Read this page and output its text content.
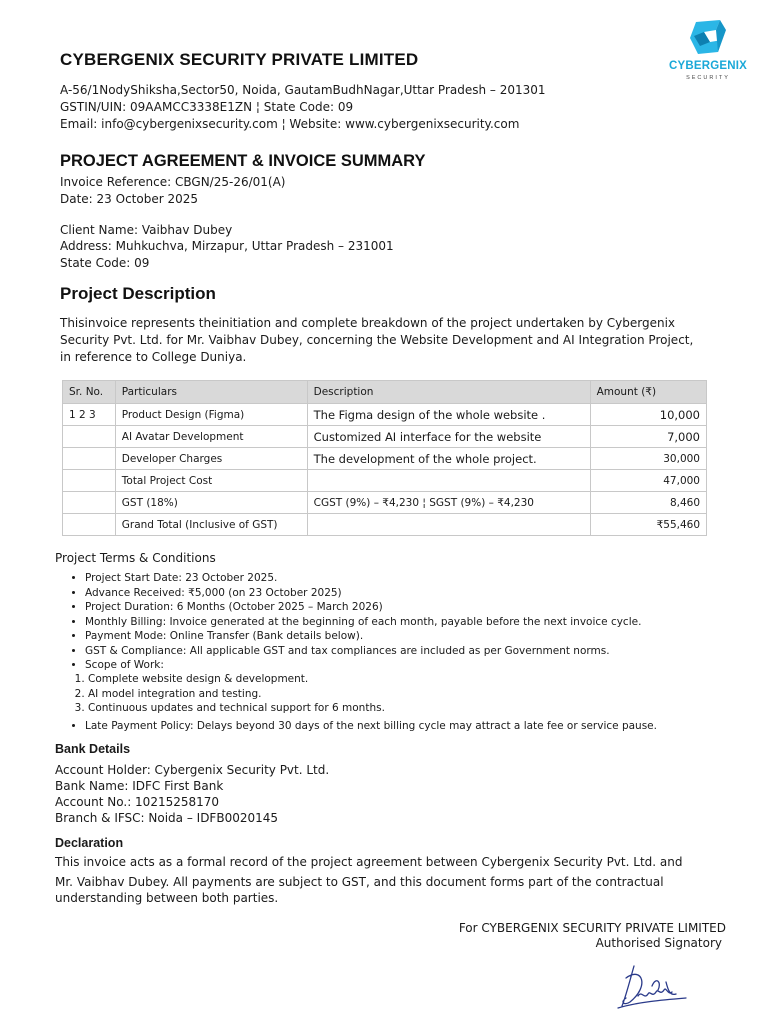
CYBERGENIX SECURITY PRIVATE LIMITED
A-56/1NodyShiksha,Sector50, Noida, GautamBudhNagar,Uttar Pradesh – 201301
GSTIN/UIN: 09AAMCC3338E1ZN ¦ State Code: 09
Email: info@cybergenixsecurity.com ¦ Website: www.cybergenixsecurity.com
CYBERGENIX
SECURITY
PROJECT AGREEMENT & INVOICE SUMMARY
Invoice Reference: CBGN/25-26/01(A)
Date: 23 October 2025
Client Name: Vaibhav Dubey
Address: Muhkuchva, Mirzapur, Uttar Pradesh – 231001
State Code: 09
Project Description
Thisinvoice represents theinitiation and complete breakdown of the project undertaken by Cybergenix
Security Pvt. Ltd. for Mr. Vaibhav Dubey, concerning the Website Development and AI Integration Project,
in reference to College Duniya.
Sr. No.	Particulars	Description	Amount (₹)
1 2 3	Product Design (Figma)	The Figma design of the whole website .	10,000
	AI Avatar Development	Customized AI interface for the website	7,000
	Developer Charges	The development of the whole project.	30,000
	Total Project Cost		47,000
	GST (18%)	CGST (9%) – ₹4,230 ¦ SGST (9%) – ₹4,230	8,460
	Grand Total (Inclusive of GST)		₹55,460
Project Terms & Conditions
• Project Start Date: 23 October 2025.
• Advance Received: ₹5,000 (on 23 October 2025)
• Project Duration: 6 Months (October 2025 – March 2026)
• Monthly Billing: Invoice generated at the beginning of each month, payable before the next invoice cycle.
• Payment Mode: Online Transfer (Bank details below).
• GST & Compliance: All applicable GST and tax compliances are included as per Government norms.
• Scope of Work:
1. Complete website design & development.
2. AI model integration and testing.
3. Continuous updates and technical support for 6 months.
• Late Payment Policy: Delays beyond 30 days of the next billing cycle may attract a late fee or service pause.
Bank Details
Account Holder: Cybergenix Security Pvt. Ltd.
Bank Name: IDFC First Bank
Account No.: 10215258170
Branch & IFSC: Noida – IDFB0020145
Declaration
This invoice acts as a formal record of the project agreement between Cybergenix Security Pvt. Ltd. and
Mr. Vaibhav Dubey. All payments are subject to GST, and this document forms part of the contractual
understanding between both parties.
For CYBERGENIX SECURITY PRIVATE LIMITED
Authorised Signatory
